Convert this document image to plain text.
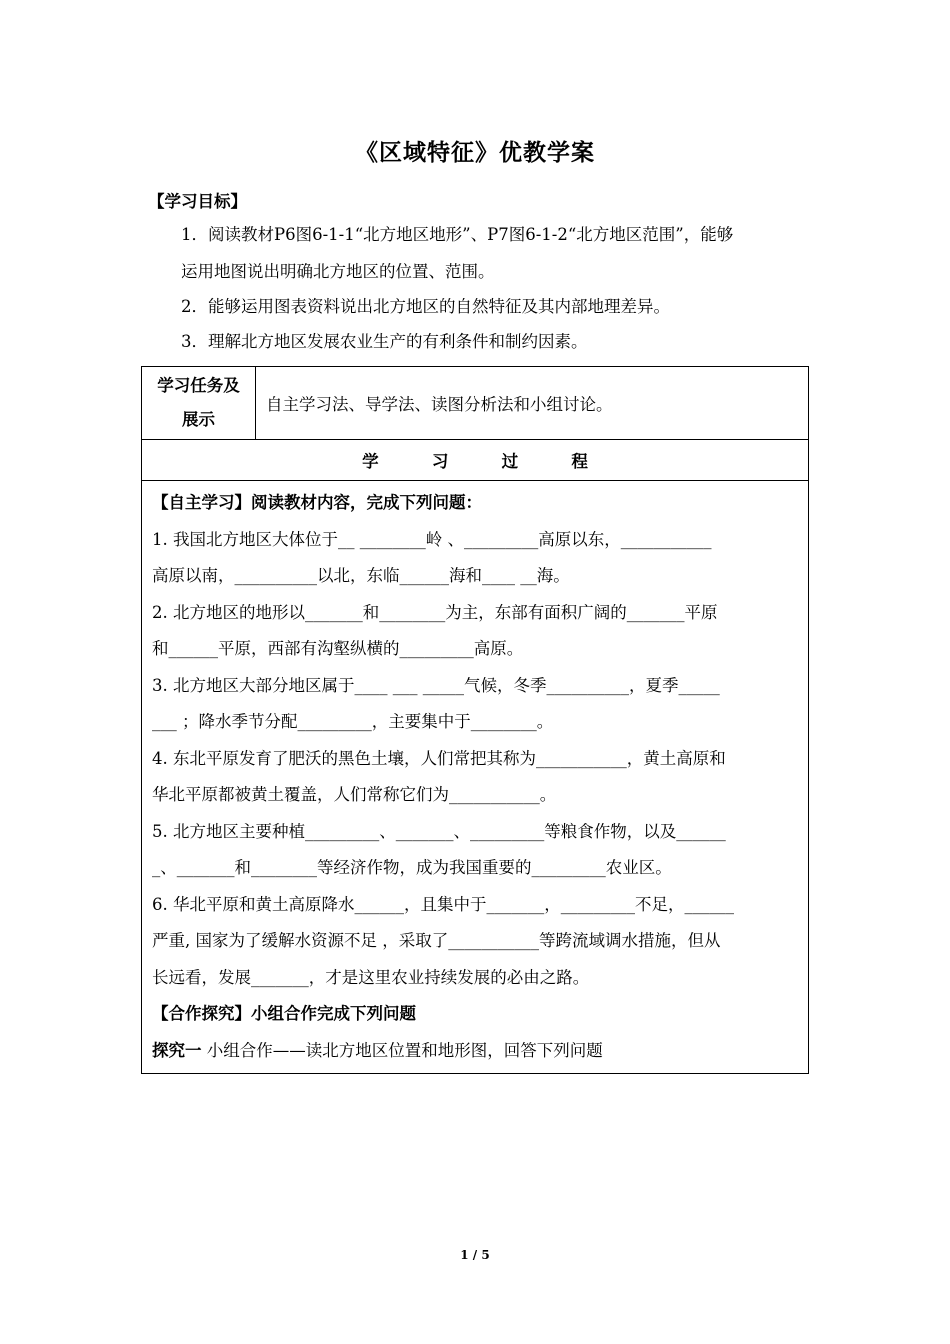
《区域特征》优教学案
【学习目标】
1．阅读教材P6图6-1-1“北方地区地形”、P7图6-1-2“北方地区范围”，能够
运用地图说出明确北方地区的位置、范围。
2．能够运用图表资料说出北方地区的自然特征及其内部地理差异。
3．理解北方地区发展农业生产的有利条件和制约因素。
学习任务及
展示
	自主学习法、导学法、读图分析法和小组讨论。
学	习	过	程

【自主学习】阅读教材内容，完成下列问题：

1. 我国北方地区大体位于__ ________岭 、_________高原以东，___________

高原以南，__________以北，东临______海和____ __海。

2. 北方地区的地形以_______和________为主，东部有面积广阔的_______平原

和______平原，西部有沟壑纵横的_________高原。

3. 北方地区大部分地区属于____ ___ _____气候，冬季__________，夏季_____

___ ；降水季节分配_________，主要集中于________。

4. 东北平原发育了肥沃的黑色土壤，人们常把其称为___________，黄土高原和

华北平原都被黄土覆盖，人们常称它们为___________。

5. 北方地区主要种植_________、_______、_________等粮食作物，以及______

_、_______和________等经济作物，成为我国重要的_________农业区。

6. 华北平原和黄土高原降水______，且集中于_______，_________不足，______

严重, 国家为了缓解水资源不足 ，采取了___________等跨流域调水措施，但从

长远看，发展_______，才是这里农业持续发展的必由之路。

【合作探究】小组合作完成下列问题

探究一 小组合作——读北方地区位置和地形图，回答下列问题

1 / 5
